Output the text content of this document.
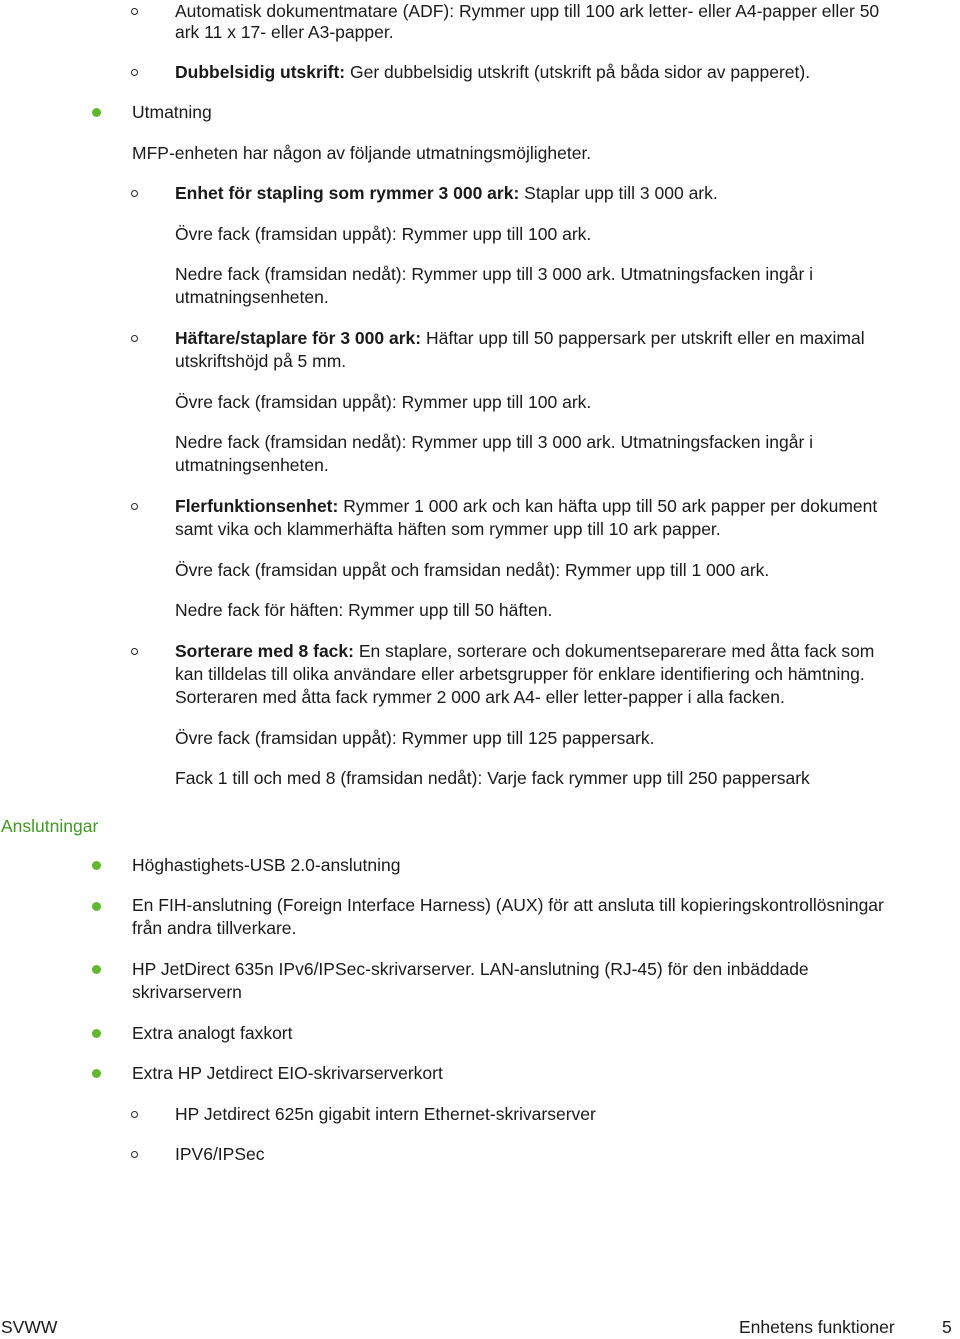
Automatisk dokumentmatare (ADF): Rymmer upp till 100 ark letter- eller A4-papper eller 50
ark 11 x 17- eller A3-papper.
Dubbelsidig utskrift: Ger dubbelsidig utskrift (utskrift på båda sidor av papperet).
Utmatning
MFP-enheten har någon av följande utmatningsmöjligheter.
Enhet för stapling som rymmer 3 000 ark: Staplar upp till 3 000 ark.
Övre fack (framsidan uppåt): Rymmer upp till 100 ark.
Nedre fack (framsidan nedåt): Rymmer upp till 3 000 ark. Utmatningsfacken ingår i
utmatningsenheten.
Häftare/staplare för 3 000 ark: Häftar upp till 50 pappersark per utskrift eller en maximal
utskriftshöjd på 5 mm.
Övre fack (framsidan uppåt): Rymmer upp till 100 ark.
Nedre fack (framsidan nedåt): Rymmer upp till 3 000 ark. Utmatningsfacken ingår i
utmatningsenheten.
Flerfunktionsenhet: Rymmer 1 000 ark och kan häfta upp till 50 ark papper per dokument
samt vika och klammerhäfta häften som rymmer upp till 10 ark papper.
Övre fack (framsidan uppåt och framsidan nedåt): Rymmer upp till 1 000 ark.
Nedre fack för häften: Rymmer upp till 50 häften.
Sorterare med 8 fack: En staplare, sorterare och dokumentseparerare med åtta fack som
kan tilldelas till olika användare eller arbetsgrupper för enklare identifiering och hämtning.
Sorteraren med åtta fack rymmer 2 000 ark A4- eller letter-papper i alla facken.
Övre fack (framsidan uppåt): Rymmer upp till 125 pappersark.
Fack 1 till och med 8 (framsidan nedåt): Varje fack rymmer upp till 250 pappersark
Anslutningar
Höghastighets-USB 2.0-anslutning
En FIH-anslutning (Foreign Interface Harness) (AUX) för att ansluta till kopieringskontrollösningar
från andra tillverkare.
HP JetDirect 635n IPv6/IPSec-skrivarserver. LAN-anslutning (RJ-45) för den inbäddade
skrivarservern
Extra analogt faxkort
Extra HP Jetdirect EIO-skrivarserverkort
HP Jetdirect 625n gigabit intern Ethernet-skrivarserver
IPV6/IPSec
SVWW	Enhetens funktioner	5
